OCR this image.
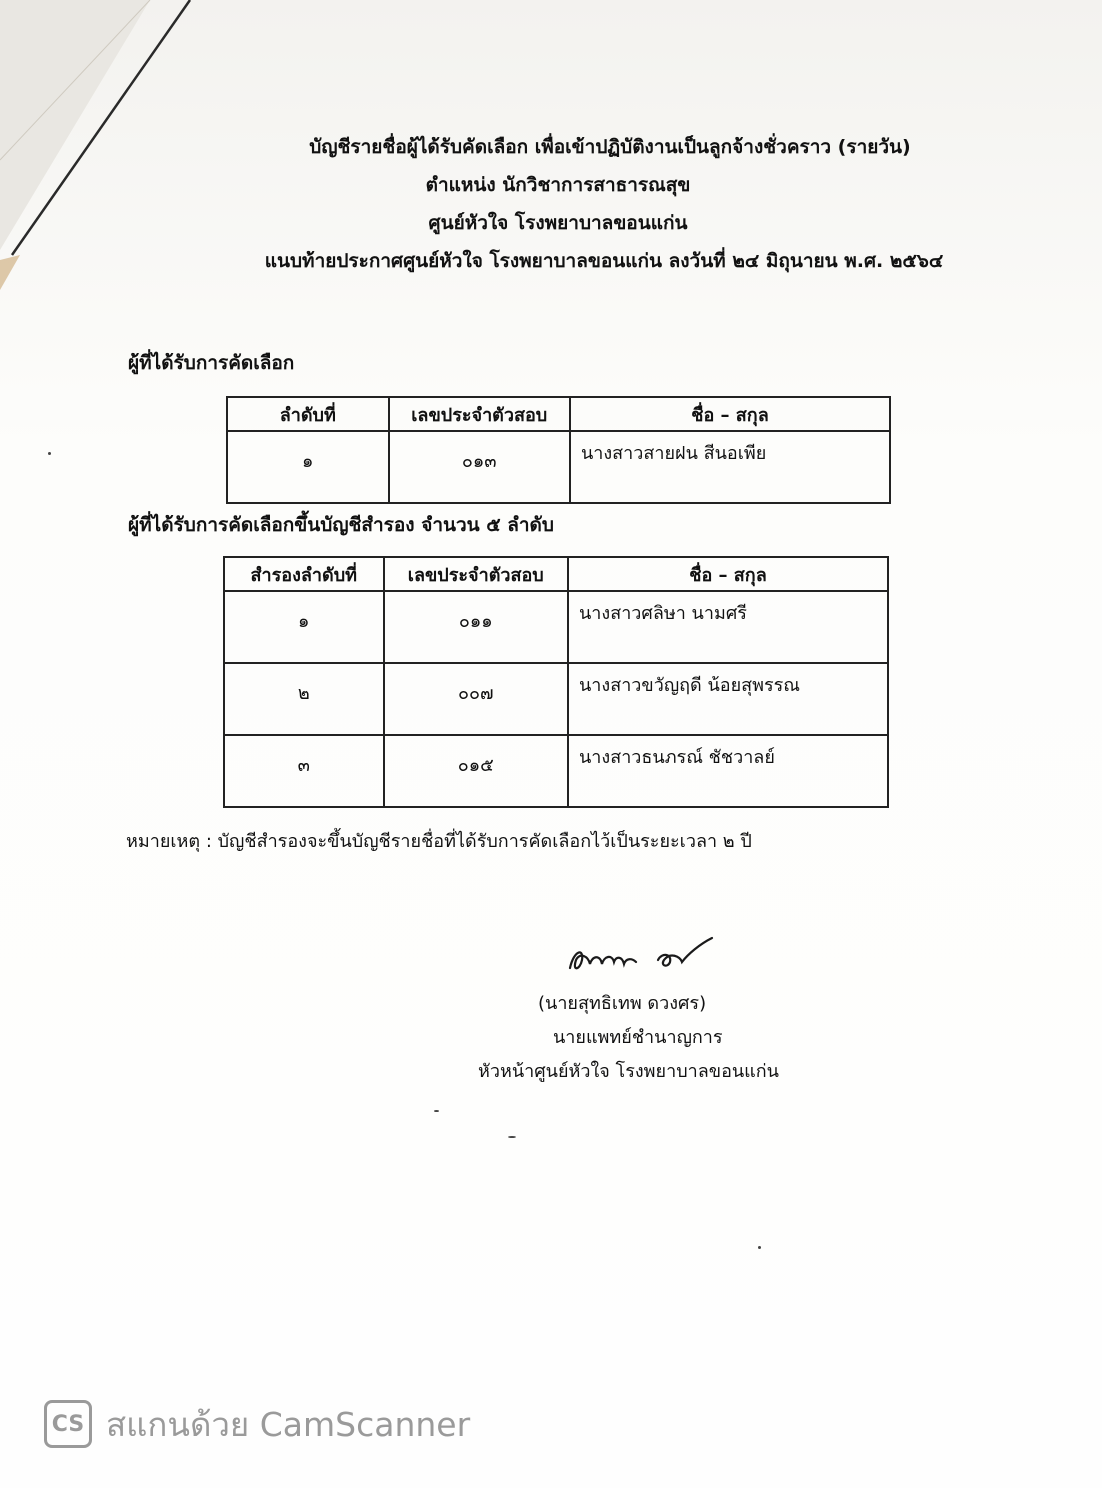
บัญชีรายชื่อผู้ได้รับคัดเลือก เพื่อเข้าปฏิบัติงานเป็นลูกจ้างชั่วคราว (รายวัน)
ตำแหน่ง นักวิชาการสาธารณสุข
ศูนย์หัวใจ โรงพยาบาลขอนแก่น
แนบท้ายประกาศศูนย์หัวใจ โรงพยาบาลขอนแก่น ลงวันที่ ๒๔ มิถุนายน พ.ศ. ๒๕๖๔
ผู้ที่ได้รับการคัดเลือก
ลำดับที่	เลขประจำตัวสอบ	ชื่อ – สกุล
๑	๐๑๓	นางสาวสายฝน สีนอเพีย
ผู้ที่ได้รับการคัดเลือกขึ้นบัญชีสำรอง จำนวน ๕ ลำดับ
สำรองลำดับที่	เลขประจำตัวสอบ	ชื่อ – สกุล
๑	๐๑๑	นางสาวศลิษา นามศรี
๒	๐๐๗	นางสาวขวัญฤดี น้อยสุพรรณ
๓	๐๑๕	นางสาวธนภรณ์ ชัชวาลย์
หมายเหตุ : บัญชีสำรองจะขึ้นบัญชีรายชื่อที่ได้รับการคัดเลือกไว้เป็นระยะเวลา ๒ ปี
(นายสุทธิเทพ ดวงศร)
นายแพทย์ชำนาญการ
หัวหน้าศูนย์หัวใจ โรงพยาบาลขอนแก่น
CS สแกนด้วย CamScanner
